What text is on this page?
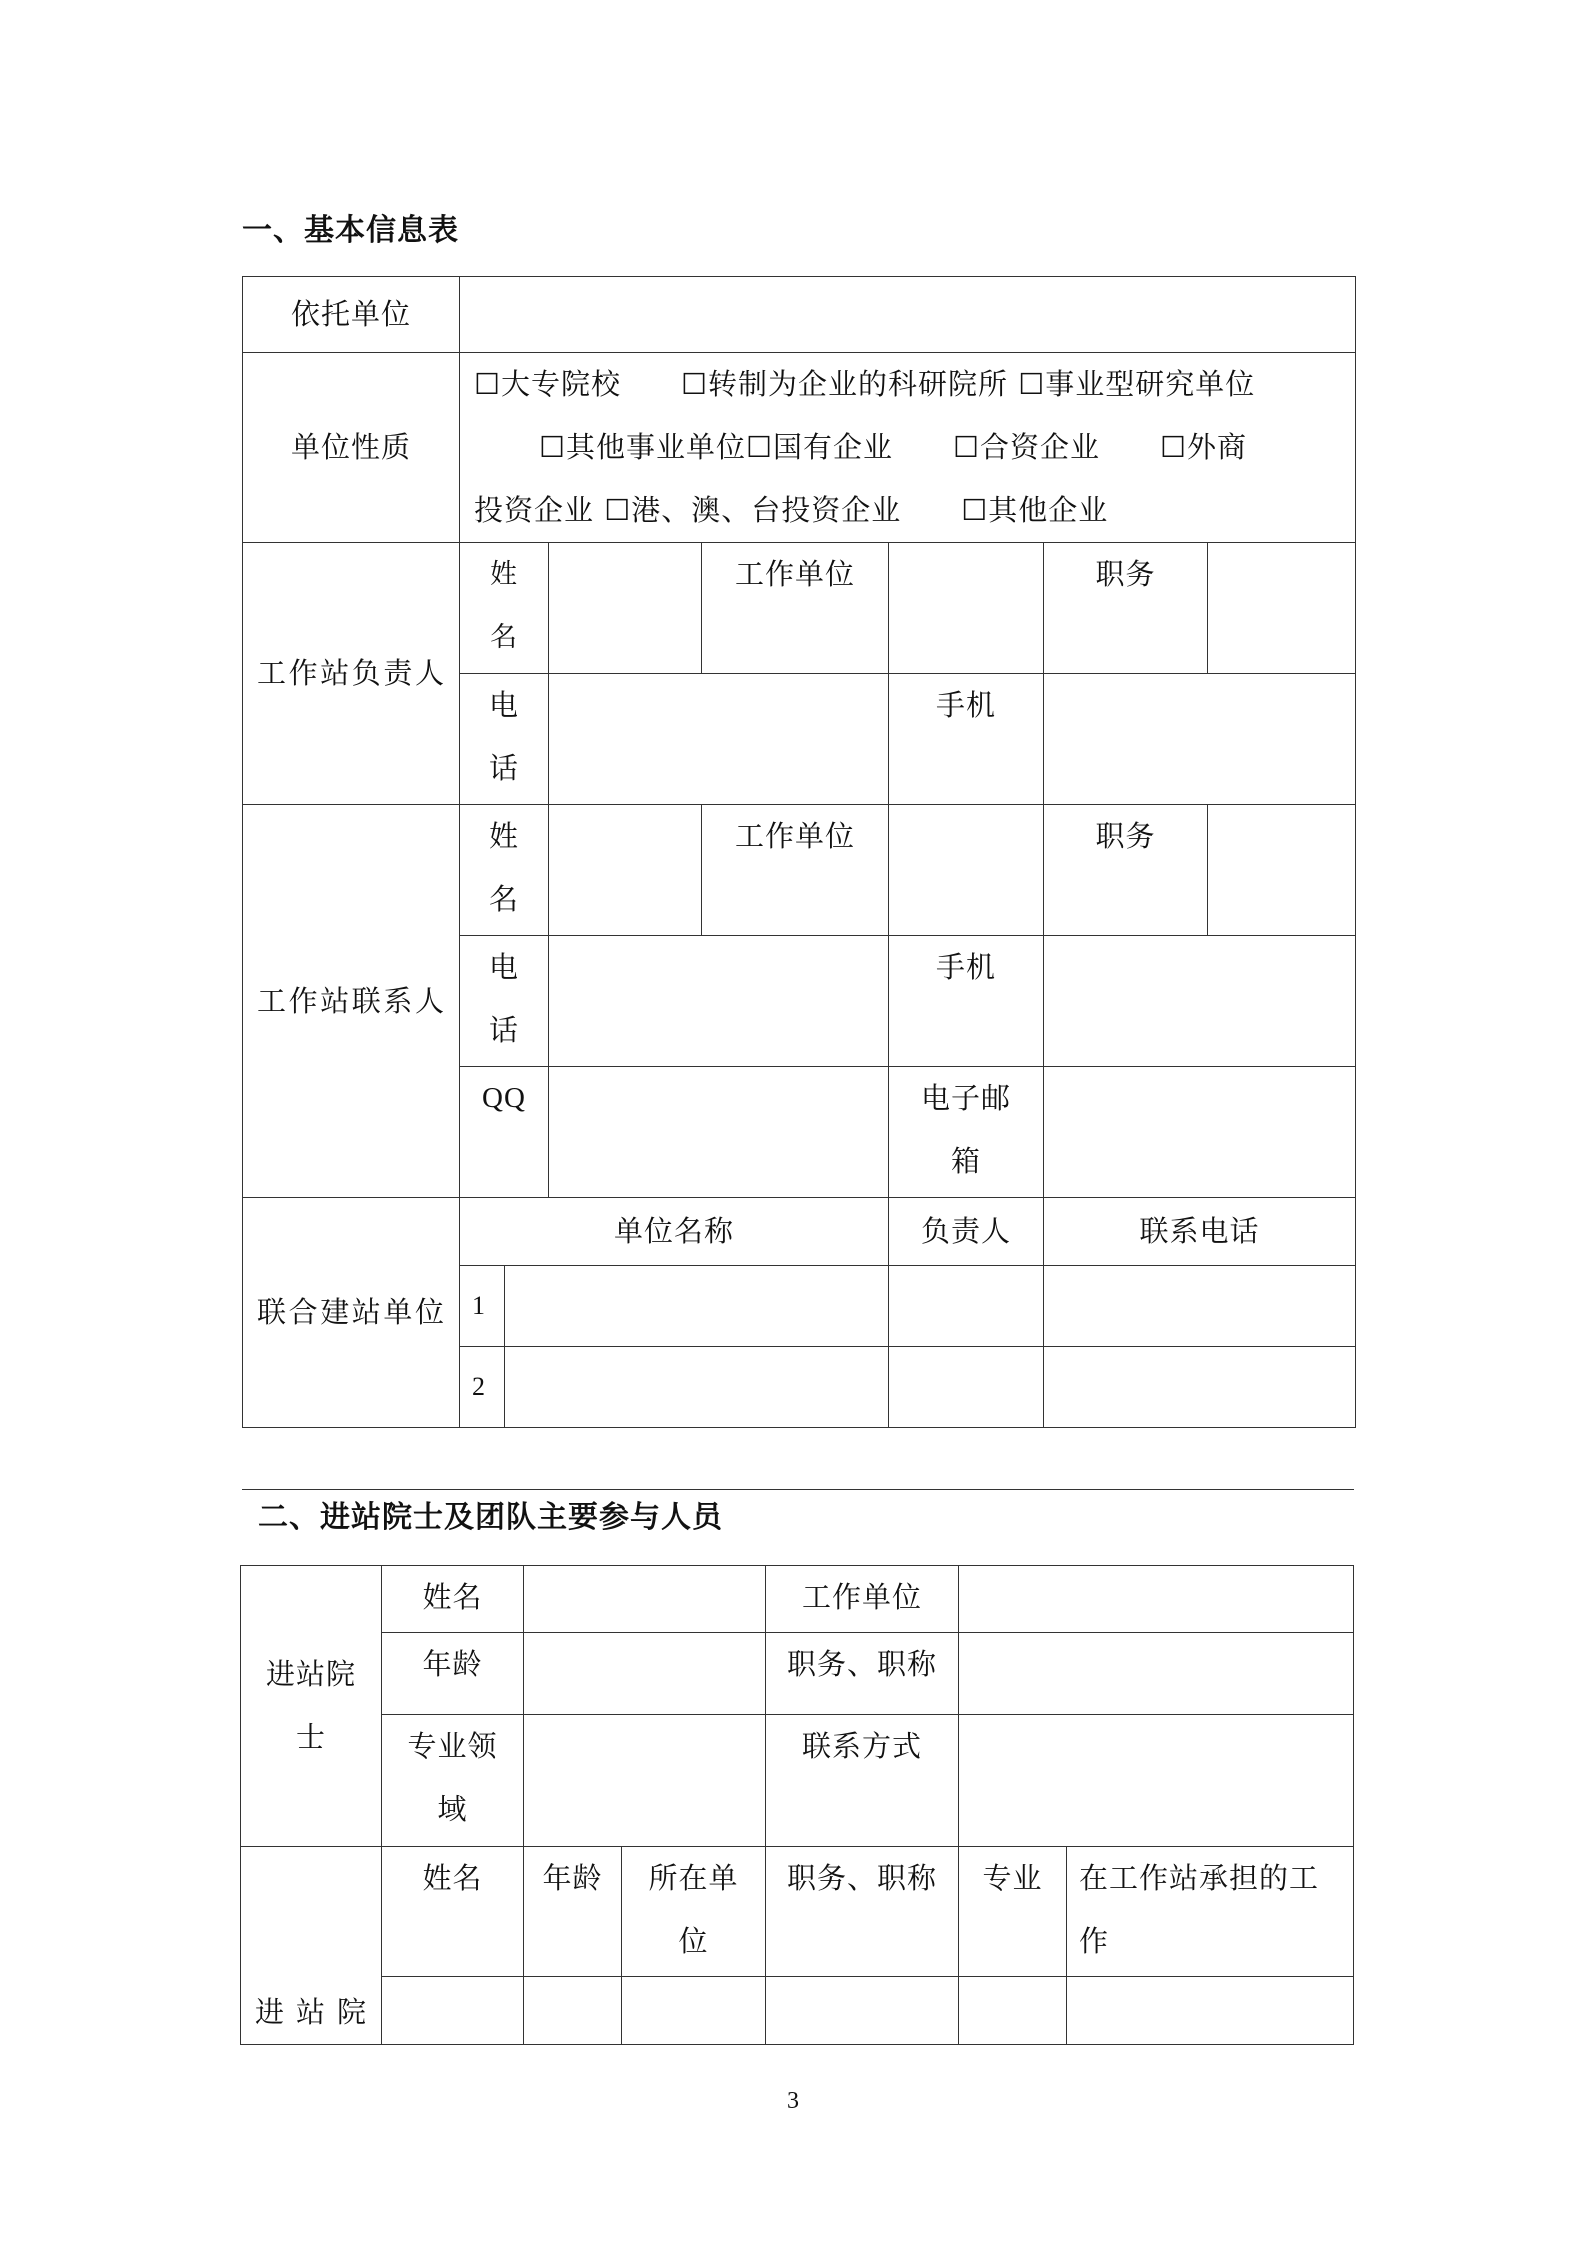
一、基本信息表
依托单位							
单位性质	☐大专院校　　☐转制为企业的科研院所 ☐事业型研究单位
☐其他事业单位☐国有企业　　☐合资企业　　☐外商
投资企业 ☐港、澳、台投资企业　　☐其他企业						

工作站负责人	姓名			工作单位		职务	
	电话				手机		
工作站联系人	姓名			工作单位		职务	
	电话				手机		
	QQ				电子邮箱		
联合建站单位	单位名称				负责人	联系电话	
	1						
	2						
二、进站院士及团队主要参与人员
进站院士	姓名			工作单位		
	年龄			职务、职称		
	专业领域			联系方式		

进站院	姓名	年龄	所在单位	职务、职称	专业	在工作站承担的工作

3
